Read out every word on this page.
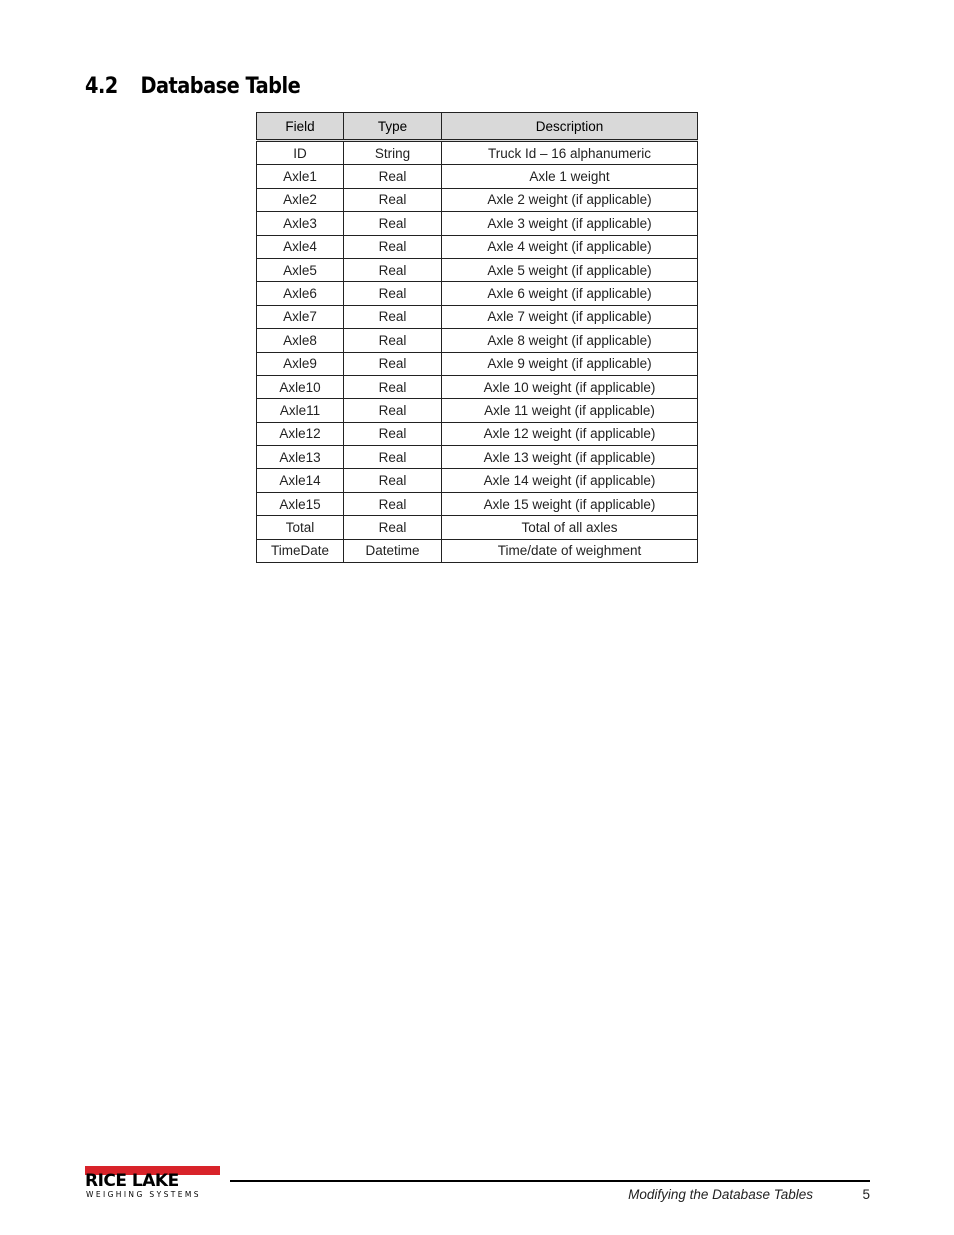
4.2 Database Table
Field	Type	Description
ID	String	Truck Id – 16 alphanumeric
Axle1	Real	Axle 1 weight
Axle2	Real	Axle 2 weight (if applicable)
Axle3	Real	Axle 3 weight (if applicable)
Axle4	Real	Axle 4 weight (if applicable)
Axle5	Real	Axle 5 weight (if applicable)
Axle6	Real	Axle 6 weight (if applicable)
Axle7	Real	Axle 7 weight (if applicable)
Axle8	Real	Axle 8 weight (if applicable)
Axle9	Real	Axle 9 weight (if applicable)
Axle10	Real	Axle 10 weight (if applicable)
Axle11	Real	Axle 11 weight (if applicable)
Axle12	Real	Axle 12 weight (if applicable)
Axle13	Real	Axle 13 weight (if applicable)
Axle14	Real	Axle 14 weight (if applicable)
Axle15	Real	Axle 15 weight (if applicable)
Total	Real	Total of all axles
TimeDate	Datetime	Time/date of weighment
RICE LAKE
WEIGHING SYSTEMS	Modifying the Database Tables	5
